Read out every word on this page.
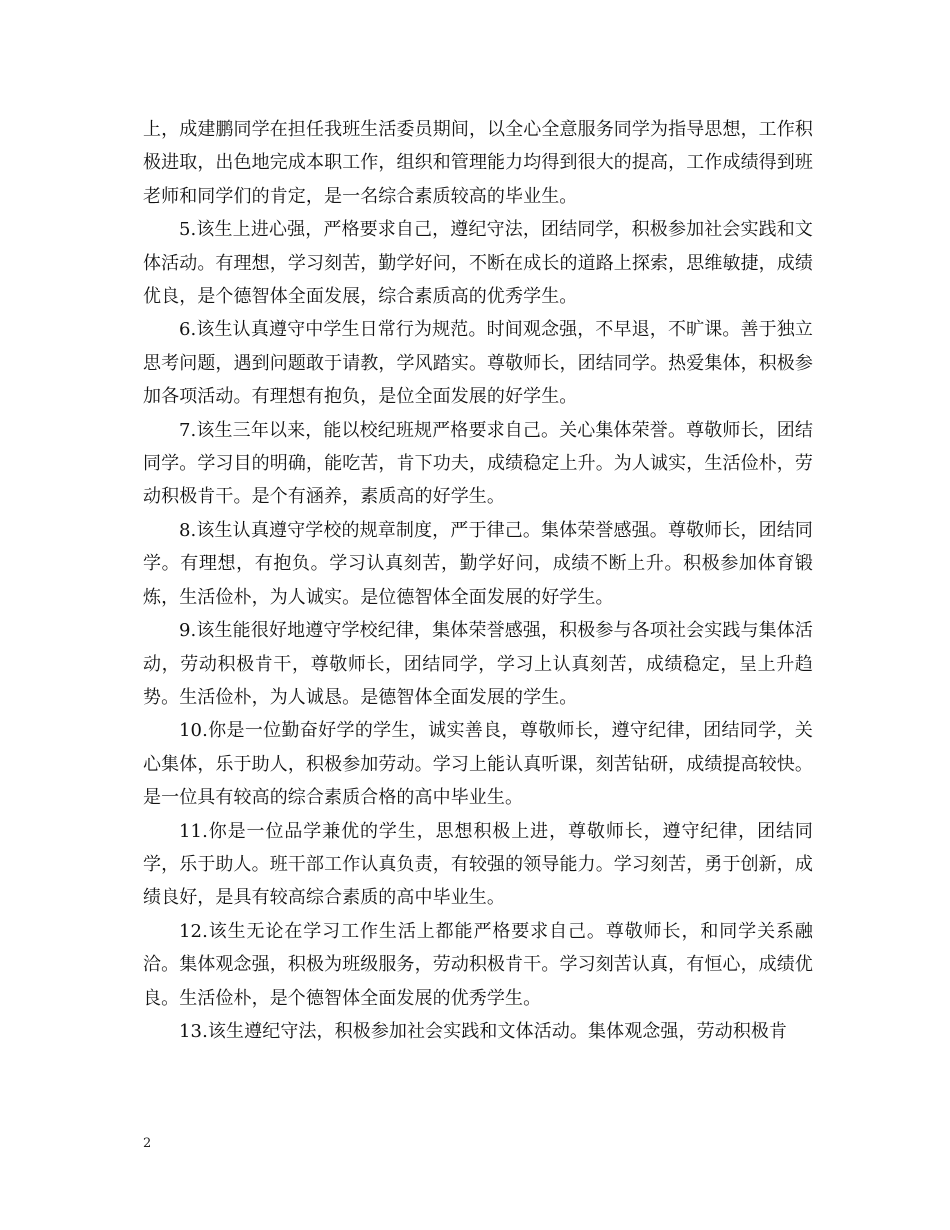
上，成建鹏同学在担任我班生活委员期间，以全心全意服务同学为指导思想，工作积极进取，出色地完成本职工作，组织和管理能力均得到很大的提高，工作成绩得到班老师和同学们的肯定，是一名综合素质较高的毕业生。

5.该生上进心强，严格要求自己，遵纪守法，团结同学，积极参加社会实践和文体活动。有理想，学习刻苦，勤学好问，不断在成长的道路上探索，思维敏捷，成绩优良，是个德智体全面发展，综合素质高的优秀学生。

6.该生认真遵守中学生日常行为规范。时间观念强，不早退，不旷课。善于独立思考问题，遇到问题敢于请教，学风踏实。尊敬师长，团结同学。热爱集体，积极参加各项活动。有理想有抱负，是位全面发展的好学生。

7.该生三年以来，能以校纪班规严格要求自己。关心集体荣誉。尊敬师长，团结同学。学习目的明确，能吃苦，肯下功夫，成绩稳定上升。为人诚实，生活俭朴，劳动积极肯干。是个有涵养，素质高的好学生。

8.该生认真遵守学校的规章制度，严于律己。集体荣誉感强。尊敬师长，团结同学。有理想，有抱负。学习认真刻苦，勤学好问，成绩不断上升。积极参加体育锻炼，生活俭朴，为人诚实。是位德智体全面发展的好学生。

9.该生能很好地遵守学校纪律，集体荣誉感强，积极参与各项社会实践与集体活动，劳动积极肯干，尊敬师长，团结同学，学习上认真刻苦，成绩稳定，呈上升趋势。生活俭朴，为人诚恳。是德智体全面发展的学生。

10.你是一位勤奋好学的学生，诚实善良，尊敬师长，遵守纪律，团结同学，关心集体，乐于助人，积极参加劳动。学习上能认真听课，刻苦钻研，成绩提高较快。是一位具有较高的综合素质合格的高中毕业生。

11.你是一位品学兼优的学生，思想积极上进，尊敬师长，遵守纪律，团结同学，乐于助人。班干部工作认真负责，有较强的领导能力。学习刻苦，勇于创新，成绩良好，是具有较高综合素质的高中毕业生。

12.该生无论在学习工作生活上都能严格要求自己。尊敬师长，和同学关系融洽。集体观念强，积极为班级服务，劳动积极肯干。学习刻苦认真，有恒心，成绩优良。生活俭朴，是个德智体全面发展的优秀学生。

13.该生遵纪守法，积极参加社会实践和文体活动。集体观念强，劳动积极肯

2
